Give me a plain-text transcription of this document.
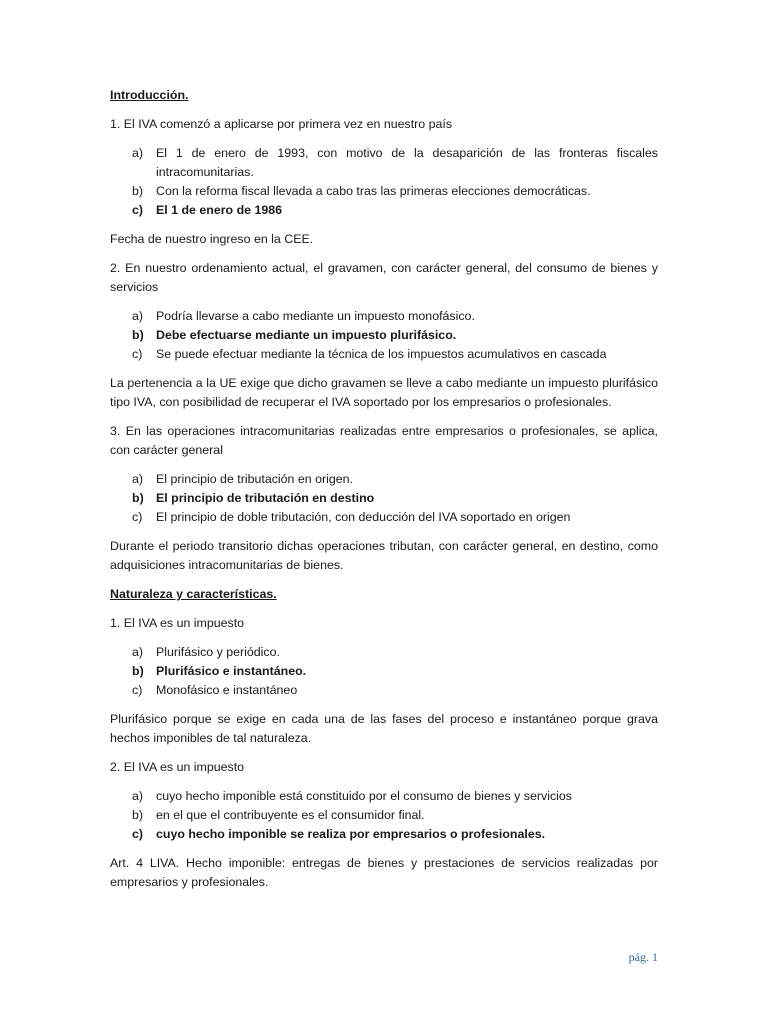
Introducción.

1. El IVA comenzó a aplicarse por primera vez en nuestro país

a)	El 1 de enero de 1993, con motivo de la desaparición de las fronteras fiscales intracomunitarias.
b)	Con la reforma fiscal llevada a cabo tras las primeras elecciones democráticas.
c)	El 1 de enero de 1986

Fecha de nuestro ingreso en la CEE.

2. En nuestro ordenamiento actual, el gravamen, con carácter general, del consumo de bienes y servicios

a)	Podría llevarse a cabo mediante un impuesto monofásico.
b) Debe efectuarse mediante un impuesto plurifásico.
c)	Se puede efectuar mediante la técnica de los impuestos acumulativos en cascada

La pertenencia a la UE exige que dicho gravamen se lleve a cabo mediante un impuesto plurifásico tipo IVA, con posibilidad de recuperar el IVA soportado por los empresarios o profesionales.

3. En las operaciones intracomunitarias realizadas entre empresarios o profesionales, se aplica, con carácter general

a)	El principio de tributación en origen.
b) El principio de tributación en destino
c)	El principio de doble tributación, con deducción del IVA soportado en origen

Durante el periodo transitorio dichas operaciones tributan, con carácter general, en destino, como adquisiciones intracomunitarias de bienes.

Naturaleza y características.

1. El IVA es un impuesto

a)	Plurifásico y periódico.
b) Plurifásico e instantáneo.
c)	Monofásico e instantáneo

Plurifásico porque se exige en cada una de las fases del proceso e instantáneo porque grava hechos imponibles de tal naturaleza.

2. El IVA es un impuesto

a)	cuyo hecho imponible está constituido por el consumo de bienes y servicios
b)	en el que el contribuyente es el consumidor final.
c)	cuyo hecho imponible se realiza por empresarios o profesionales.

Art. 4 LIVA. Hecho imponible: entregas de bienes y prestaciones de servicios realizadas por empresarios y profesionales.

pág. 1
